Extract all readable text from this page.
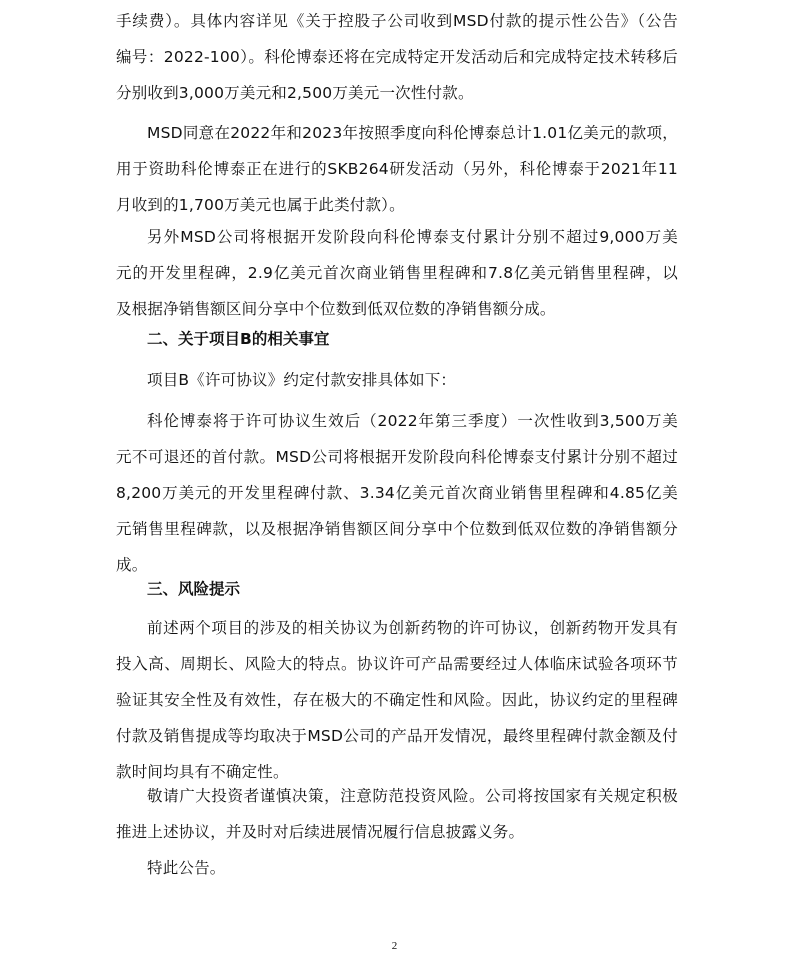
手续费）。具体内容详见《关于控股子公司收到MSD付款的提示性公告》（公告
编号：2022-100）。科伦博泰还将在完成特定开发活动后和完成特定技术转移后
分别收到3,000万美元和2,500万美元一次性付款。
MSD同意在2022年和2023年按照季度向科伦博泰总计1.01亿美元的款项，
用于资助科伦博泰正在进行的SKB264研发活动（另外，科伦博泰于2021年11
月收到的1,700万美元也属于此类付款）。
另外MSD公司将根据开发阶段向科伦博泰支付累计分别不超过9,000万美
元的开发里程碑，2.9亿美元首次商业销售里程碑和7.8亿美元销售里程碑，以
及根据净销售额区间分享中个位数到低双位数的净销售额分成。
二、关于项目B的相关事宜
项目B《许可协议》约定付款安排具体如下：
科伦博泰将于许可协议生效后（2022年第三季度）一次性收到3,500万美
元不可退还的首付款。MSD公司将根据开发阶段向科伦博泰支付累计分别不超过
8,200万美元的开发里程碑付款、3.34亿美元首次商业销售里程碑和4.85亿美
元销售里程碑款，以及根据净销售额区间分享中个位数到低双位数的净销售额分
成。
三、风险提示
前述两个项目的涉及的相关协议为创新药物的许可协议，创新药物开发具有
投入高、周期长、风险大的特点。协议许可产品需要经过人体临床试验各项环节
验证其安全性及有效性，存在极大的不确定性和风险。因此，协议约定的里程碑
付款及销售提成等均取决于MSD公司的产品开发情况，最终里程碑付款金额及付
款时间均具有不确定性。
敬请广大投资者谨慎决策，注意防范投资风险。公司将按国家有关规定积极
推进上述协议，并及时对后续进展情况履行信息披露义务。
特此公告。
2
